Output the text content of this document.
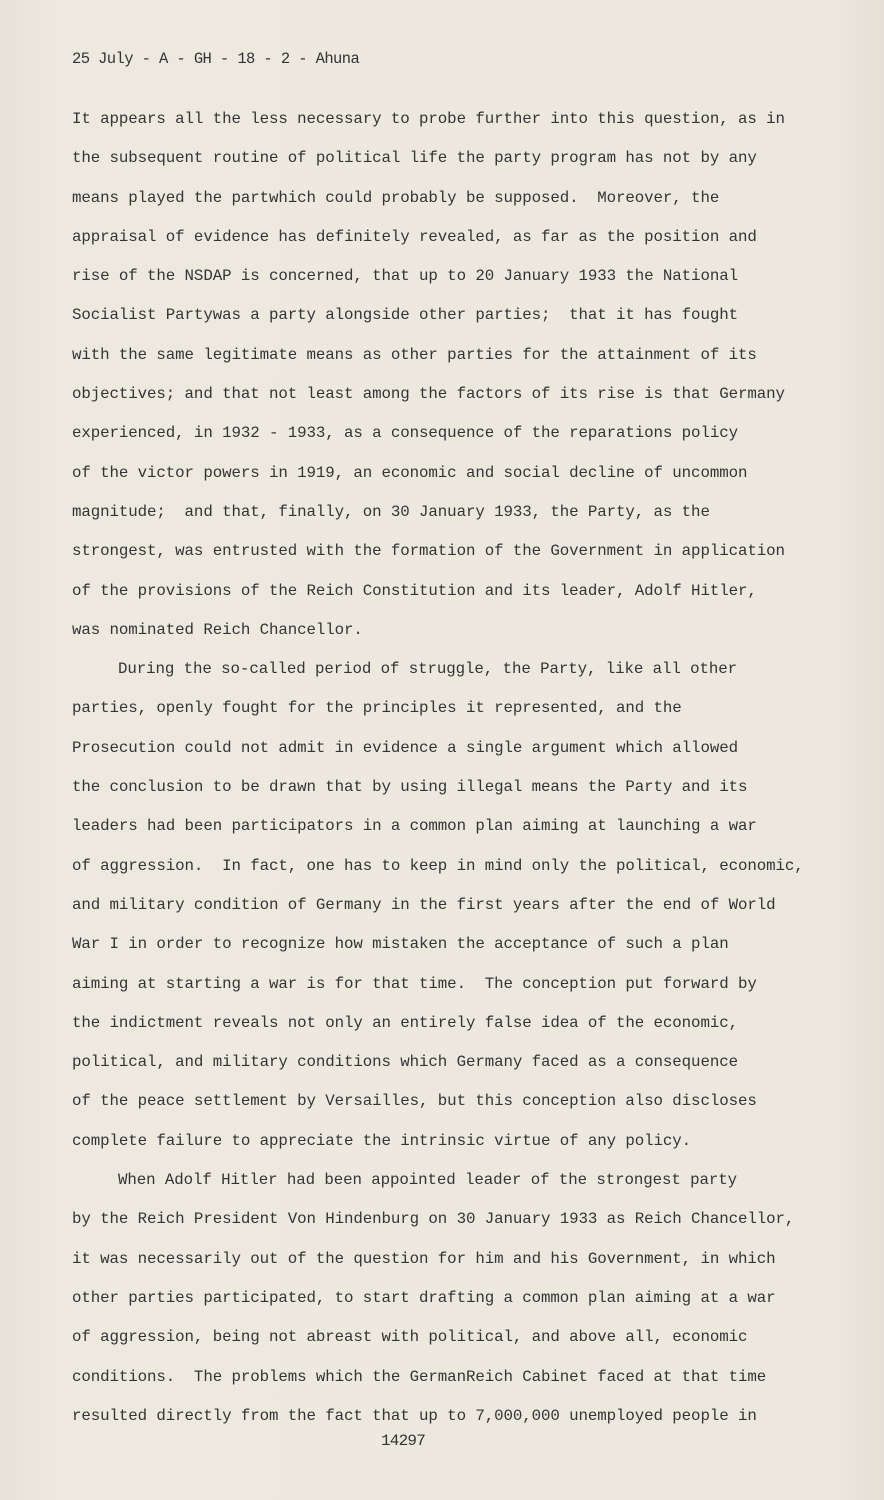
25 July - A - GH - 18 - 2 - Ahuna
It appears all the less necessary to probe further into this question, as in
the subsequent routine of political life the party program has not by any
means played the partwhich could probably be supposed.  Moreover, the
appraisal of evidence has definitely revealed, as far as the position and
rise of the NSDAP is concerned, that up to 20 January 1933 the National
Socialist Partywas a party alongside other parties;  that it has fought
with the same legitimate means as other parties for the attainment of its
objectives; and that not least among the factors of its rise is that Germany
experienced, in 1932 - 1933, as a consequence of the reparations policy
of the victor powers in 1919, an economic and social decline of uncommon
magnitude;  and that, finally, on 30 January 1933, the Party, as the
strongest, was entrusted with the formation of the Government in application
of the provisions of the Reich Constitution and its leader, Adolf Hitler,
was nominated Reich Chancellor.
During the so-called period of struggle, the Party, like all other
parties, openly fought for the principles it represented, and the
Prosecution could not admit in evidence a single argument which allowed
the conclusion to be drawn that by using illegal means the Party and its
leaders had been participators in a common plan aiming at launching a war
of aggression.  In fact, one has to keep in mind only the political, economic,
and military condition of Germany in the first years after the end of World
War I in order to recognize how mistaken the acceptance of such a plan
aiming at starting a war is for that time.  The conception put forward by
the indictment reveals not only an entirely false idea of the economic,
political, and military conditions which Germany faced as a consequence
of the peace settlement by Versailles, but this conception also discloses
complete failure to appreciate the intrinsic virtue of any policy.
When Adolf Hitler had been appointed leader of the strongest party
by the Reich President Von Hindenburg on 30 January 1933 as Reich Chancellor,
it was necessarily out of the question for him and his Government, in which
other parties participated, to start drafting a common plan aiming at a war
of aggression, being not abreast with political, and above all, economic
conditions.  The problems which the GermanReich Cabinet faced at that time
resulted directly from the fact that up to 7,000,000 unemployed people in
14297
